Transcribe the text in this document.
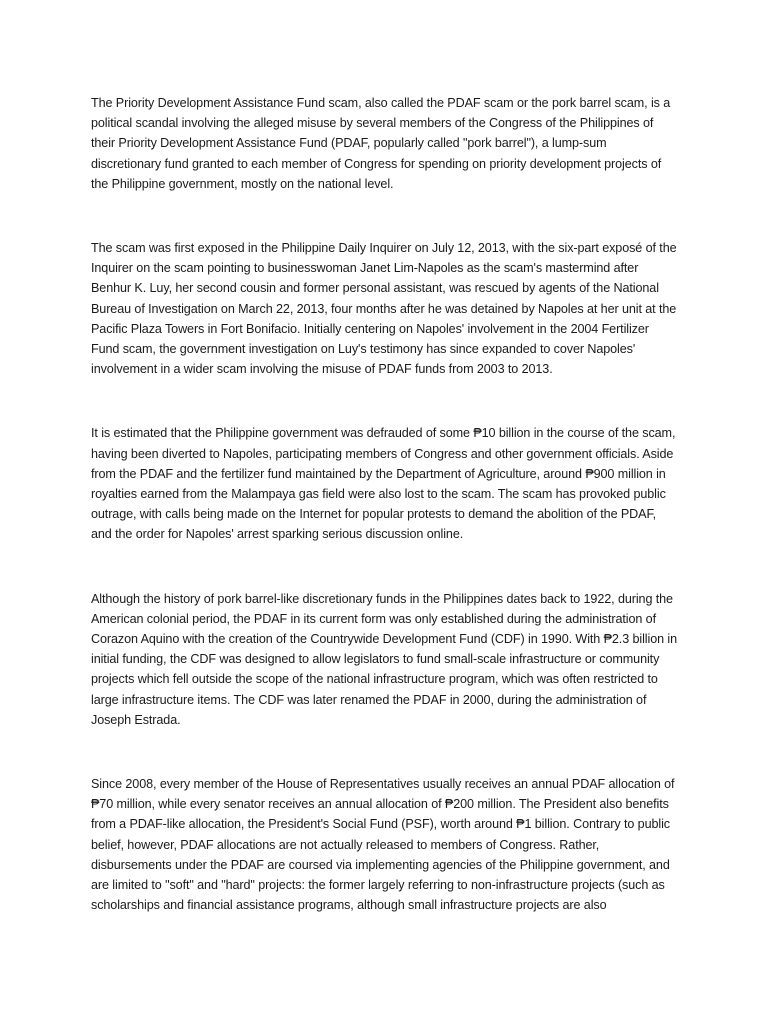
The Priority Development Assistance Fund scam, also called the PDAF scam or the pork barrel scam, is a political scandal involving the alleged misuse by several members of the Congress of the Philippines of their Priority Development Assistance Fund (PDAF, popularly called "pork barrel"), a lump-sum discretionary fund granted to each member of Congress for spending on priority development projects of the Philippine government, mostly on the national level.

The scam was first exposed in the Philippine Daily Inquirer on July 12, 2013, with the six-part exposé of the Inquirer on the scam pointing to businesswoman Janet Lim-Napoles as the scam's mastermind after Benhur K. Luy, her second cousin and former personal assistant, was rescued by agents of the National Bureau of Investigation on March 22, 2013, four months after he was detained by Napoles at her unit at the Pacific Plaza Towers in Fort Bonifacio. Initially centering on Napoles' involvement in the 2004 Fertilizer Fund scam, the government investigation on Luy's testimony has since expanded to cover Napoles' involvement in a wider scam involving the misuse of PDAF funds from 2003 to 2013.

It is estimated that the Philippine government was defrauded of some ₱10 billion in the course of the scam, having been diverted to Napoles, participating members of Congress and other government officials. Aside from the PDAF and the fertilizer fund maintained by the Department of Agriculture, around ₱900 million in royalties earned from the Malampaya gas field were also lost to the scam. The scam has provoked public outrage, with calls being made on the Internet for popular protests to demand the abolition of the PDAF, and the order for Napoles' arrest sparking serious discussion online.

Although the history of pork barrel-like discretionary funds in the Philippines dates back to 1922, during the American colonial period, the PDAF in its current form was only established during the administration of Corazon Aquino with the creation of the Countrywide Development Fund (CDF) in 1990. With ₱2.3 billion in initial funding, the CDF was designed to allow legislators to fund small-scale infrastructure or community projects which fell outside the scope of the national infrastructure program, which was often restricted to large infrastructure items. The CDF was later renamed the PDAF in 2000, during the administration of Joseph Estrada.

Since 2008, every member of the House of Representatives usually receives an annual PDAF allocation of ₱70 million, while every senator receives an annual allocation of ₱200 million. The President also benefits from a PDAF-like allocation, the President's Social Fund (PSF), worth around ₱1 billion. Contrary to public belief, however, PDAF allocations are not actually released to members of Congress. Rather, disbursements under the PDAF are coursed via implementing agencies of the Philippine government, and are limited to "soft" and "hard" projects: the former largely referring to non-infrastructure projects (such as scholarships and financial assistance programs, although small infrastructure projects are also
